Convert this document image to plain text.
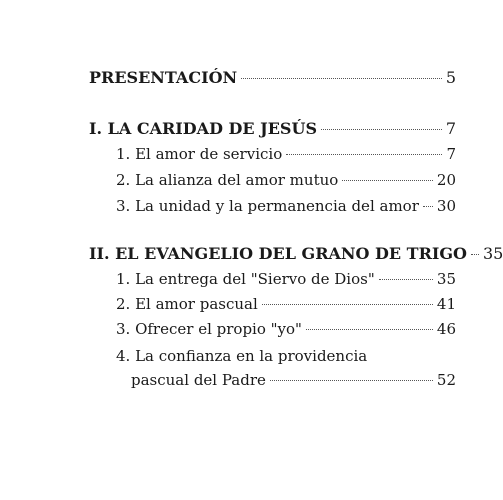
PRESENTACIÓN	5
I. LA CARIDAD DE JESÚS	7
1. El amor de servicio	7
2. La alianza del amor mutuo	20
3. La unidad y la permanencia del amor 30
II. EL EVANGELIO DEL GRANO DE TRIGO 35
1. La entrega del "Siervo de Dios"	35
2. El amor pascual	41
3. Ofrecer el propio "yo"	46
4. La confianza en la providencia
pascual del Padre	52
